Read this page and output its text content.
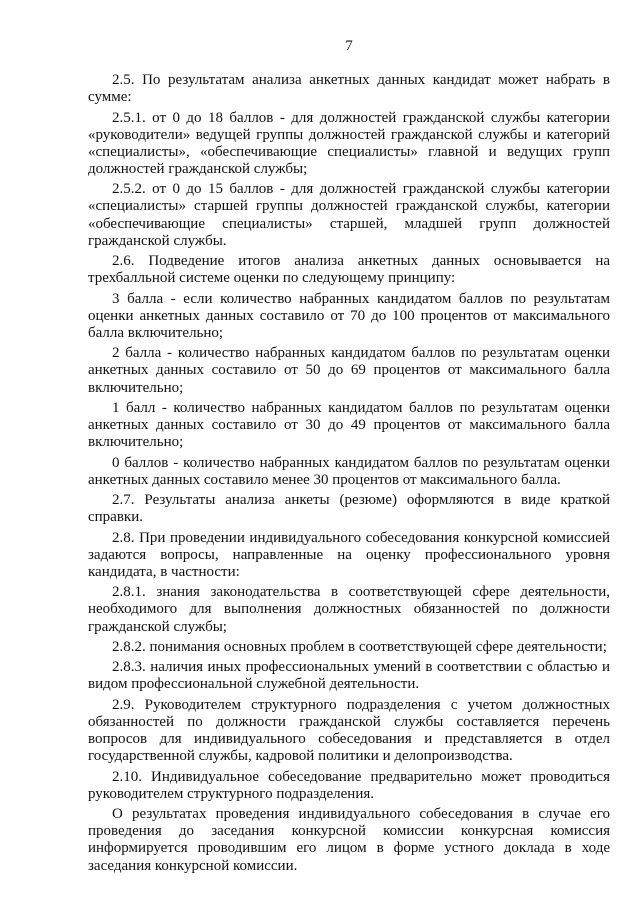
7

2.5. По результатам анализа анкетных данных кандидат может набрать в сумме:

2.5.1. от 0 до 18 баллов - для должностей гражданской службы категории «руководители» ведущей группы должностей гражданской службы и категорий «специалисты», «обеспечивающие специалисты» главной и ведущих групп должностей гражданской службы;

2.5.2. от 0 до 15 баллов - для должностей гражданской службы категории «специалисты» старшей группы должностей гражданской службы, категории «обеспечивающие специалисты» старшей, младшей групп должностей гражданской службы.

2.6. Подведение итогов анализа анкетных данных основывается на трехбалльной системе оценки по следующему принципу:

3 балла - если количество набранных кандидатом баллов по результатам оценки анкетных данных составило от 70 до 100 процентов от максимального балла включительно;

2 балла - количество набранных кандидатом баллов по результатам оценки анкетных данных составило от 50 до 69 процентов от максимального балла включительно;

1 балл - количество набранных кандидатом баллов по результатам оценки анкетных данных составило от 30 до 49 процентов от максимального балла включительно;

0 баллов - количество набранных кандидатом баллов по результатам оценки анкетных данных составило менее 30 процентов от максимального балла.

2.7. Результаты анализа анкеты (резюме) оформляются в виде краткой справки.

2.8. При проведении индивидуального собеседования конкурсной комиссией задаются вопросы, направленные на оценку профессионального уровня кандидата, в частности:

2.8.1. знания законодательства в соответствующей сфере деятельности, необходимого для выполнения должностных обязанностей по должности гражданской службы;

2.8.2. понимания основных проблем в соответствующей сфере деятельности;

2.8.3. наличия иных профессиональных умений в соответствии с областью и видом профессиональной служебной деятельности.

2.9. Руководителем структурного подразделения с учетом должностных обязанностей по должности гражданской службы составляется перечень вопросов для индивидуального собеседования и представляется в отдел государственной службы, кадровой политики и делопроизводства.

2.10. Индивидуальное собеседование предварительно может проводиться руководителем структурного подразделения.

О результатах проведения индивидуального собеседования в случае его проведения до заседания конкурсной комиссии конкурсная комиссия информируется проводившим его лицом в форме устного доклада в ходе заседания конкурсной комиссии.
